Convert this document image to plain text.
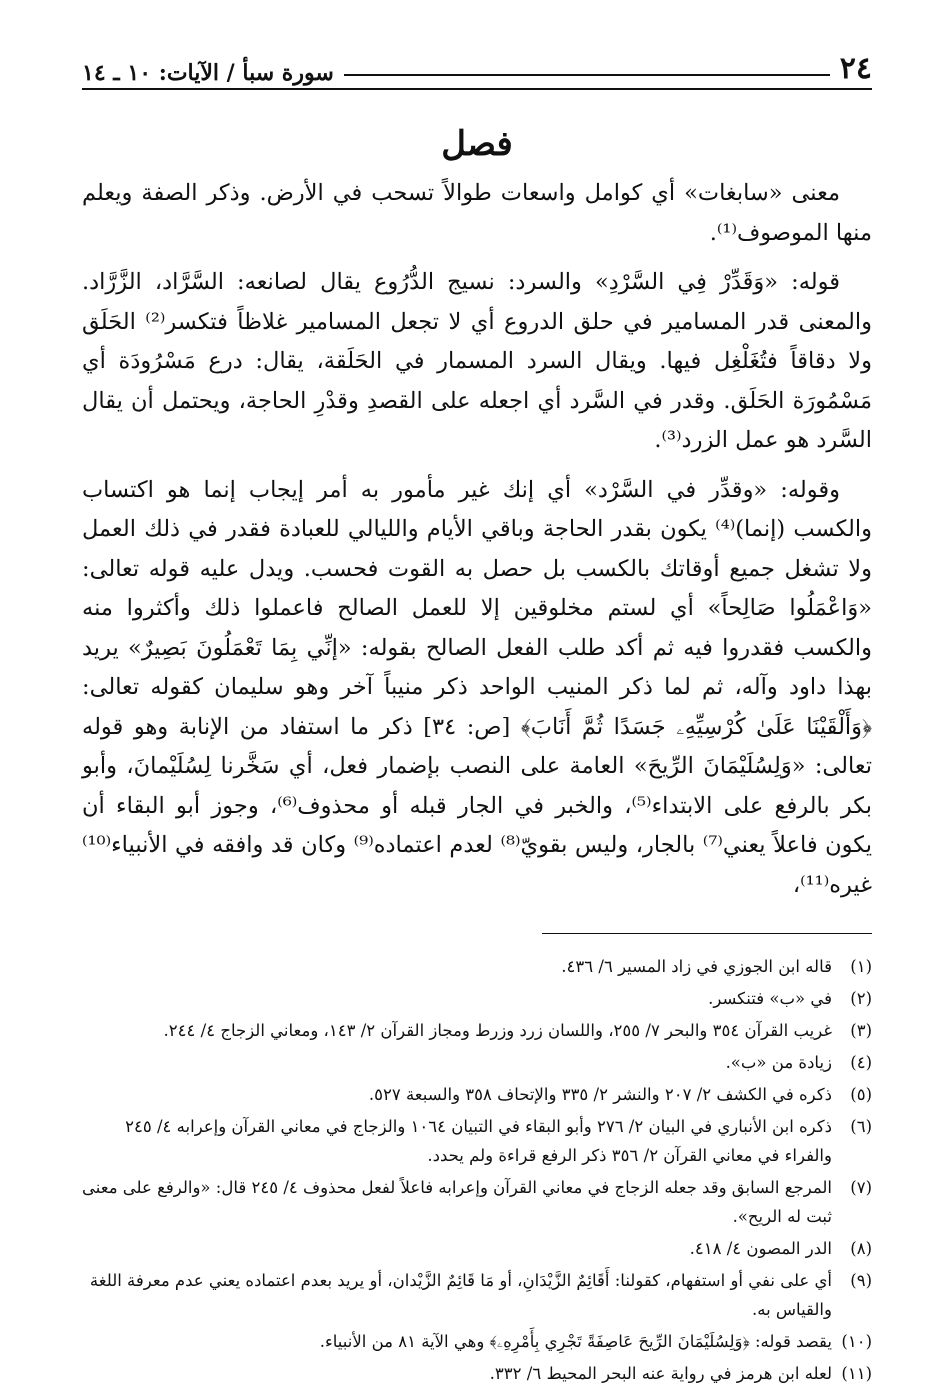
٢٤
سورة سبأ / الآيات: ١٠ ـ ١٤
فصل

معنى «سابغات» أي كوامل واسعات طوالاً تسحب في الأرض. وذكر الصفة ويعلم منها الموصوف⁽¹⁾.

قوله: «وَقَدِّرْ فِي السَّرْدِ» والسرد: نسيج الدُّرُوع يقال لصانعه: السَّرَّاد، الزَّرَّاد. والمعنى قدر المسامير في حلق الدروع أي لا تجعل المسامير غلاظاً فتكسر⁽²⁾ الحَلَق ولا دقاقاً فتُغَلْغِل فيها. ويقال السرد المسمار في الحَلَقة، يقال: درع مَسْرُودَة أي مَسْمُورَة الحَلَق. وقدر في السَّرد أي اجعله على القصدِ وقدْرِ الحاجة، ويحتمل أن يقال السَّرد هو عمل الزرد⁽³⁾.

وقوله: «وقدِّر في السَّرْد» أي إنك غير مأمور به أمر إيجاب إنما هو اكتساب والكسب (إنما)⁽⁴⁾ يكون بقدر الحاجة وباقي الأيام والليالي للعبادة فقدر في ذلك العمل ولا تشغل جميع أوقاتك بالكسب بل حصل به القوت فحسب. ويدل عليه قوله تعالى: «وَاعْمَلُوا صَالِحاً» أي لستم مخلوقين إلا للعمل الصالح فاعملوا ذلك وأكثروا منه والكسب فقدروا فيه ثم أكد طلب الفعل الصالح بقوله: «إنِّي بِمَا تَعْمَلُونَ بَصِيرٌ» يريد بهذا داود وآله، ثم لما ذكر المنيب الواحد ذكر منيباً آخر وهو سليمان كقوله تعالى: ﴿وَأَلْقَيْنَا عَلَىٰ كُرْسِيِّهِۦ جَسَدًا ثُمَّ أَنَابَ﴾ [ص: ٣٤] ذكر ما استفاد من الإنابة وهو قوله تعالى: «وَلِسُلَيْمَانَ الرِّيحَ» العامة على النصب بإضمار فعل، أي سَخَّرنا لِسُلَيْمانَ، وأبو بكر بالرفع على الابتداء⁽⁵⁾، والخبر في الجار قبله أو محذوف⁽⁶⁾، وجوز أبو البقاء أن يكون فاعلاً يعني⁽⁷⁾ بالجار، وليس بقويّ⁽⁸⁾ لعدم اعتماده⁽⁹⁾ وكان قد وافقه في الأنبياء⁽¹⁰⁾ غيره⁽¹¹⁾،

(١)
قاله ابن الجوزي في زاد المسير ٦/ ٤٣٦.
(٢)
في «ب» فتنكسر.
(٣)
غريب القرآن ٣٥٤ والبحر ٧/ ٢٥٥، واللسان زرد وزرط ومجاز القرآن ٢/ ١٤٣، ومعاني الزجاج ٤/ ٢٤٤.
(٤)
زيادة من «ب».
(٥)
ذكره في الكشف ٢/ ٢٠٧ والنشر ٢/ ٣٣٥ والإتحاف ٣٥٨ والسبعة ٥٢٧.
(٦)
ذكره ابن الأنباري في البيان ٢/ ٢٧٦ وأبو البقاء في التبيان ١٠٦٤ والزجاج في معاني القرآن وإعرابه ٤/ ٢٤٥ والفراء في معاني القرآن ٢/ ٣٥٦ ذكر الرفع قراءة ولم يحدد.
(٧)
المرجع السابق وقد جعله الزجاج في معاني القرآن وإعرابه فاعلاً لفعل محذوف ٤/ ٢٤٥ قال: «والرفع على معنى ثبت له الريح».
(٨)
الدر المصون ٤/ ٤١٨.
(٩)
أي على نفي أو استفهام، كقولنا: أَقَائِمٌ الزَّيْدَانِ، أو مَا قَائِمٌ الزَّيْدان، أو يريد بعدم اعتماده يعني عدم معرفة اللغة والقياس به.
(١٠)
يقصد قوله: ﴿وَلِسُلَيْمَانَ الرِّيحَ عَاصِفَةً تَجْرِي بِأَمْرِهِۦ﴾ وهي الآية ٨١ من الأنبياء.
(١١)
لعله ابن هرمز في رواية عنه البحر المحيط ٦/ ٣٣٢.
